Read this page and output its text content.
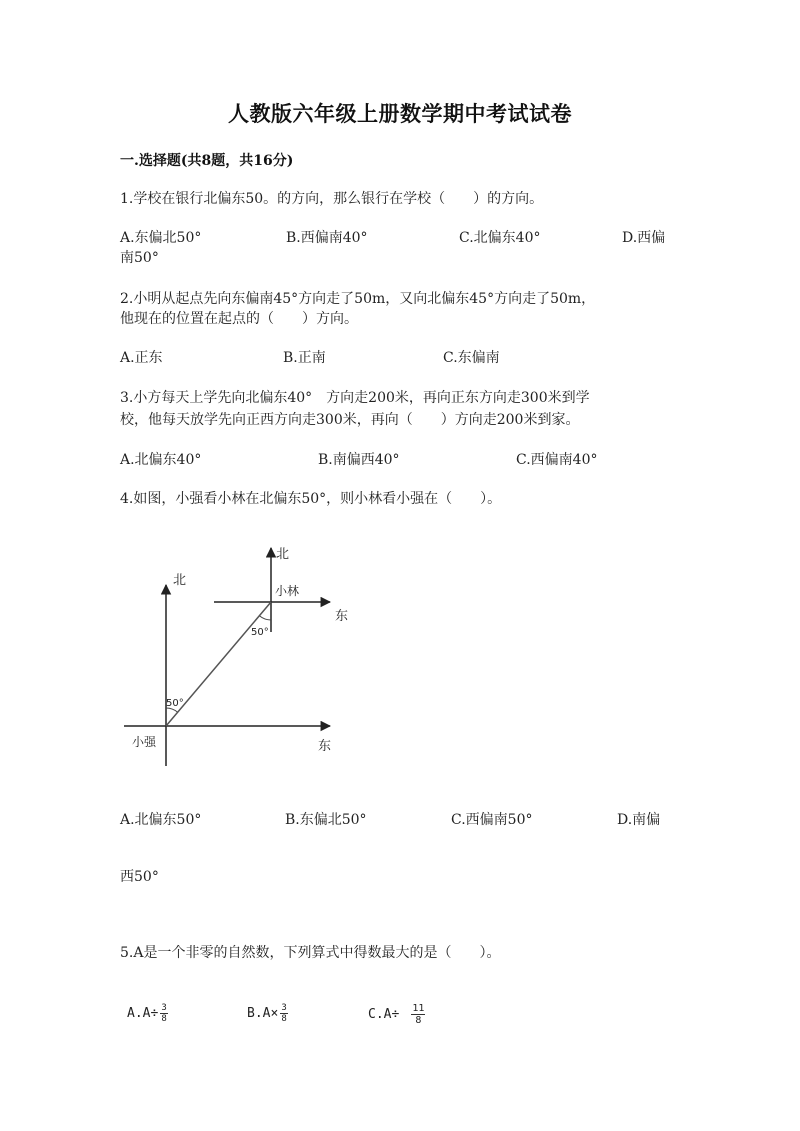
人教版六年级上册数学期中考试试卷
一.选择题(共8题，共16分)
1.学校在银行北偏东50。的方向，那么银行在学校（　　）的方向。
A.东偏北50°	B.西偏南40°	C.北偏东40°	D.西偏
南50°
2.小明从起点先向东偏南45°方向走了50m，又向北偏东45°方向走了50m，
他现在的位置在起点的（　　）方向。
A.正东	B.正南	C.东偏南
3.小方每天上学先向北偏东40°　方向走200米，再向正东方向走300米到学
校，他每天放学先向正西方向走300米，再向（　　）方向走200米到家。
A.北偏东40°	B.南偏西40°	C.西偏南40°
4.如图，小强看小林在北偏东50°，则小林看小强在（　　）。
北
北
小林
东
东
小强
50°
50°
A.北偏东50°	B.东偏北50°	C.西偏南50°	D.南偏
西50°
5.A是一个非零的自然数，下列算式中得数最大的是（　　）。
$A.A\div \frac{3}{8}$	$B.A\times \frac{3}{8}$	$C.A\div \frac{11}{8}$
